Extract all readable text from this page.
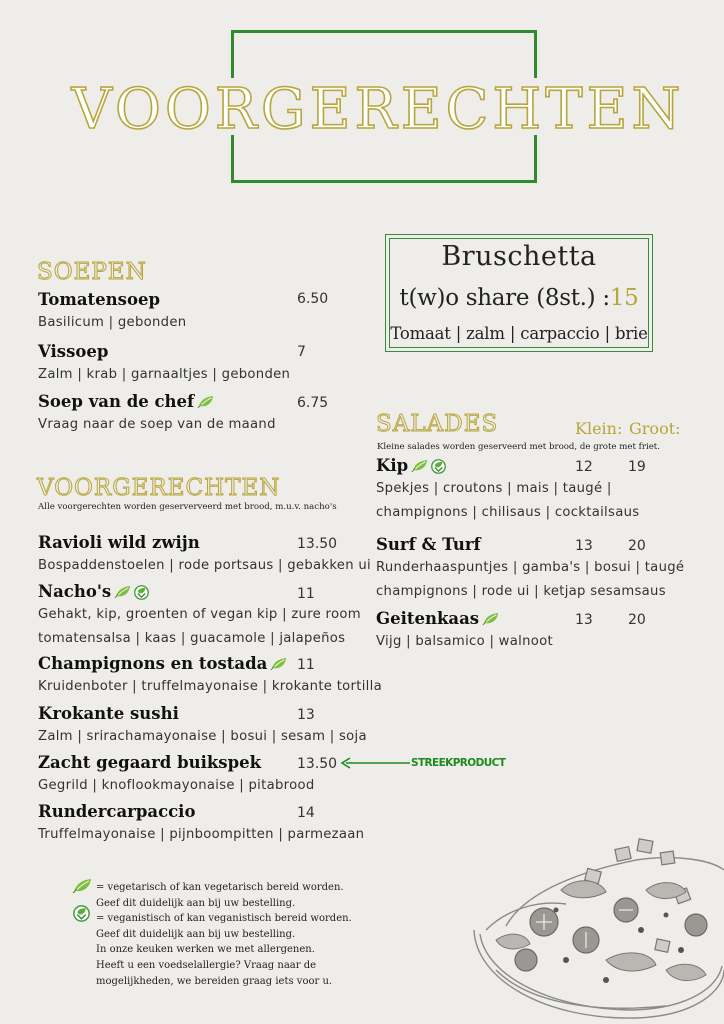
VOORGERECHTEN
SOEPEN
Tomatensoep
Basilicum | gebonden
6.50
Vissoep
Zalm | krab | garnaaltjes | gebonden
7
Soep van de chef
Vraag naar de soep van de maand
6.75
VOORGERECHTEN
Alle voorgerechten worden geserverveerd met brood, m.u.v. nacho's
Ravioli wild zwijn
Bospaddenstoelen | rode portsaus | gebakken ui
13.50
Nacho's
Gehakt, kip, groenten of vegan kip | zure room
tomatensalsa | kaas | guacamole | jalapeños
11
Champignons en tostada
Kruidenboter | truffelmayonaise | krokante tortilla
11
Krokante sushi
Zalm | srirachamayonaise | bosui | sesam | soja
13
Zacht gegaard buikspek
Gegrild | knoflookmayonaise | pitabrood
13.50	STREEKPRODUCT
Rundercarpaccio
Truffelmayonaise | pijnboompitten | parmezaan
14
Bruschetta
t(w)o share (8st.) :15
Tomaat | zalm | carpaccio | brie
SALADES	Klein: Groot:
Kleine salades worden geserveerd met brood, de grote met friet.
Kip
Spekjes | croutons | mais | taugé |
champignons | chilisaus | cocktailsaus
12	19
Surf & Turf
Runderhaaspuntjes | gamba's | bosui | taugé
champignons | rode ui | ketjap sesamsaus
13	20
Geitenkaas
Vijg | balsamico | walnoot
13	20
= vegetarisch of kan vegetarisch bereid worden.
Geef dit duidelijk aan bij uw bestelling.
= veganistisch of kan veganistisch bereid worden.
Geef dit duidelijk aan bij uw bestelling.
In onze keuken werken we met allergenen.
Heeft u een voedselallergie? Vraag naar de
mogelijkheden, we bereiden graag iets voor u.
